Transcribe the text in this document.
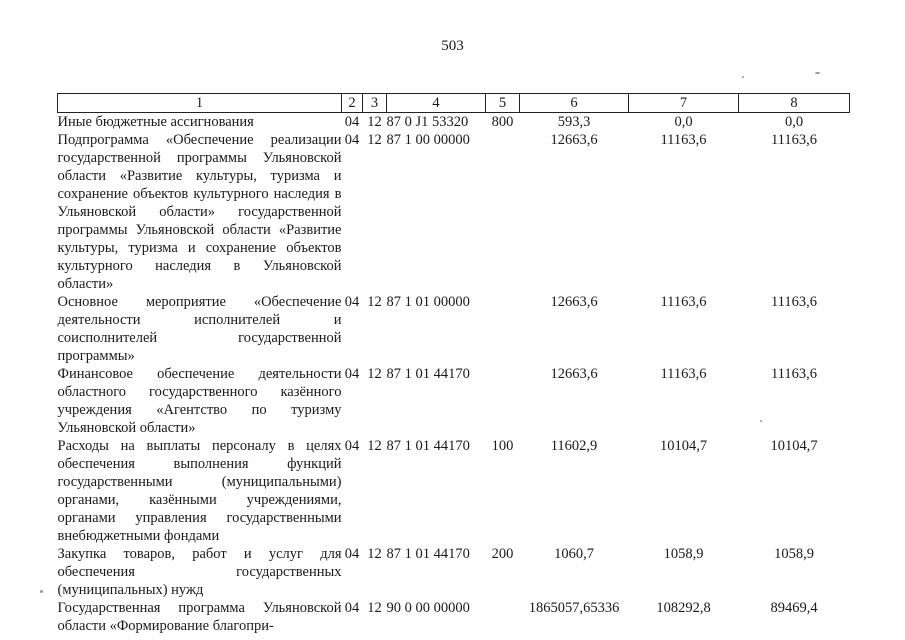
503
1	2	3	4	5	6	7	8
Иные бюджетные ассигнования	04	12	87 0 J1 53320	800	593,3	0,0	0,0
Подпрограмма «Обеспечение реализации государственной программы Ульяновской области «Развитие культуры, туризма и сохранение объектов культурного наследия в Ульяновской области» государственной программы Ульяновской области «Развитие культуры, туризма и сохранение объектов культурного наследия в Ульяновской области»	04	12	87 1 00 00000		12663,6	11163,6	11163,6
Основное мероприятие «Обеспечение деятельности исполнителей и соисполнителей государственной программы»	04	12	87 1 01 00000		12663,6	11163,6	11163,6
Финансовое обеспечение деятельности областного государственного казённого учреждения «Агентство по туризму Ульяновской области»	04	12	87 1 01 44170		12663,6	11163,6	11163,6
Расходы на выплаты персоналу в целях обеспечения выполнения функций государственными (муниципальными) органами, казёнными учреждениями, органами управления государственными внебюджетными фондами	04	12	87 1 01 44170	100	11602,9	10104,7	10104,7
Закупка товаров, работ и услуг для обеспечения государственных (муниципальных) нужд	04	12	87 1 01 44170	200	1060,7	1058,9	1058,9
Государственная программа Ульяновской области «Формирование благопри-	04	12	90 0 00 00000		1865057,65336	108292,8	89469,4
